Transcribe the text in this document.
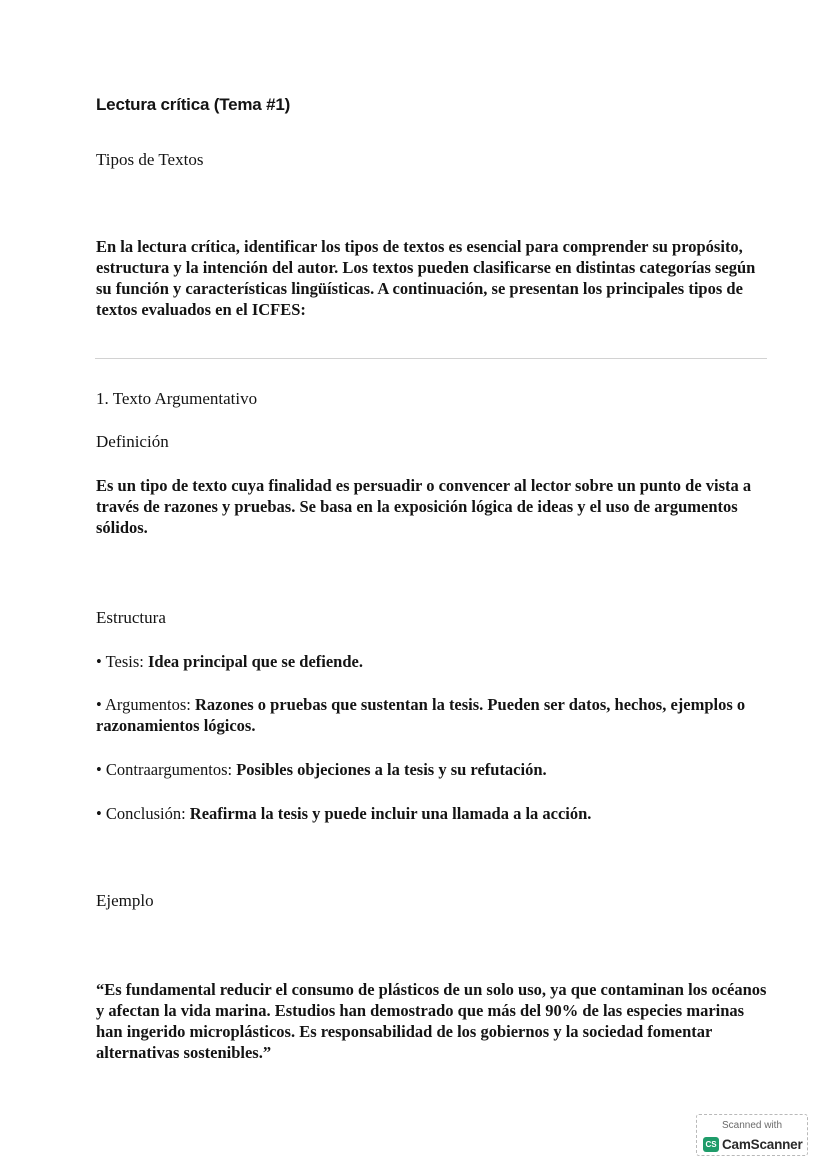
Lectura crítica (Tema #1)

Tipos de Textos

En la lectura crítica, identificar los tipos de textos es esencial para comprender su propósito, estructura y la intención del autor. Los textos pueden clasificarse en distintas categorías según su función y características lingüísticas. A continuación, se presentan los principales tipos de textos evaluados en el ICFES:

1. Texto Argumentativo

Definición

Es un tipo de texto cuya finalidad es persuadir o convencer al lector sobre un punto de vista a través de razones y pruebas. Se basa en la exposición lógica de ideas y el uso de argumentos sólidos.

Estructura

• Tesis: Idea principal que se defiende.

• Argumentos: Razones o pruebas que sustentan la tesis. Pueden ser datos, hechos, ejemplos o razonamientos lógicos.

• Contraargumentos: Posibles objeciones a la tesis y su refutación.

• Conclusión: Reafirma la tesis y puede incluir una llamada a la acción.

Ejemplo

“Es fundamental reducir el consumo de plásticos de un solo uso, ya que contaminan los océanos y afectan la vida marina. Estudios han demostrado que más del 90% de las especies marinas han ingerido microplásticos. Es responsabilidad de los gobiernos y la sociedad fomentar alternativas sostenibles.”

Scanned with
CS CamScanner
